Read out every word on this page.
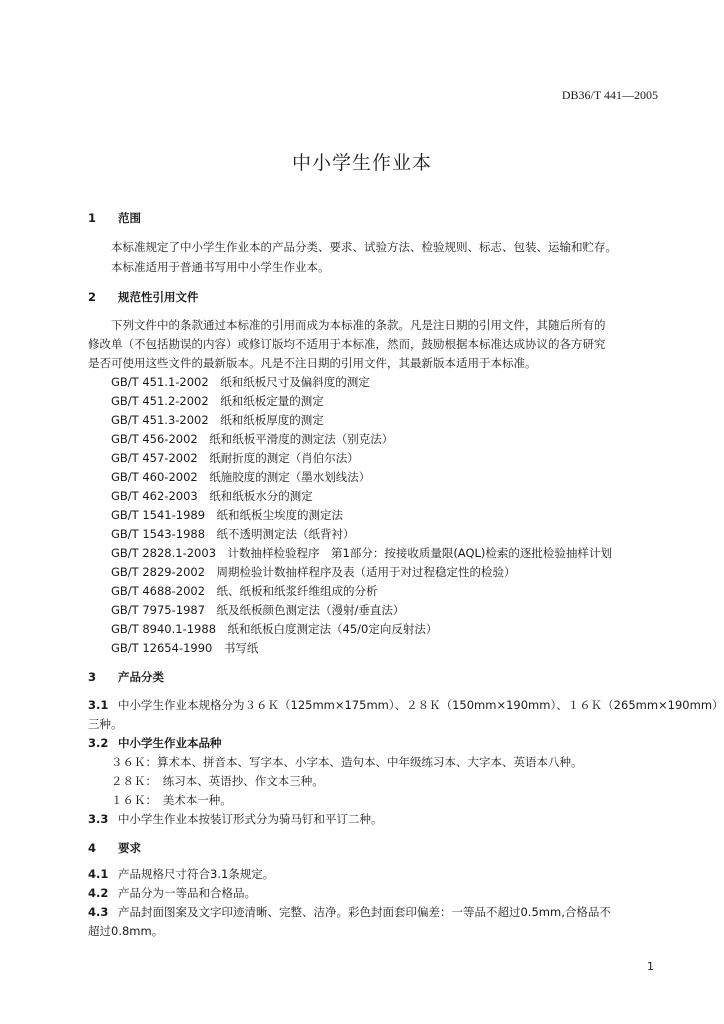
DB36/T 441—2005
中小学生作业本
1 范围
本标准规定了中小学生作业本的产品分类、要求、试验方法、检验规则、标志、包装、运输和贮存。
本标准适用于普通书写用中小学生作业本。
2 规范性引用文件
下列文件中的条款通过本标准的引用而成为本标准的条款。凡是注日期的引用文件，其随后所有的
修改单（不包括勘误的内容）或修订版均不适用于本标准，然而，鼓励根据本标准达成协议的各方研究
是否可使用这些文件的最新版本。凡是不注日期的引用文件，其最新版本适用于本标准。
GB/T 451.1-2002　纸和纸板尺寸及偏斜度的测定
GB/T 451.2-2002　纸和纸板定量的测定
GB/T 451.3-2002　纸和纸板厚度的测定
GB/T 456-2002　纸和纸板平滑度的测定法（别克法）
GB/T 457-2002　纸耐折度的测定（肖伯尔法）
GB/T 460-2002　纸施胶度的测定（墨水划线法）
GB/T 462-2003　纸和纸板水分的测定
GB/T 1541-1989　纸和纸板尘埃度的测定法
GB/T 1543-1988　纸不透明测定法（纸背衬）
GB/T 2828.1-2003　计数抽样检验程序　第1部分：按接收质量限(AQL)检索的逐批检验抽样计划
GB/T 2829-2002　周期检验计数抽样程序及表（适用于对过程稳定性的检验）
GB/T 4688-2002　纸、纸板和纸浆纤维组成的分析
GB/T 7975-1987　纸及纸板颜色测定法（漫射/垂直法）
GB/T 8940.1-1988　纸和纸板白度测定法（45/0定向反射法）
GB/T 12654-1990　书写纸
3 产品分类
3.1 中小学生作业本规格分为３６Ｋ（125mm×175mm）、２８Ｋ（150mm×190mm）、１６Ｋ（265mm×190mm）
三种。
3.2 中小学生作业本品种
３６Ｋ：算术本、拼音本、写字本、小字本、造句本、中年级练习本、大字本、英语本八种。
２８Ｋ：　练习本、英语抄、作文本三种。
１６Ｋ：　美术本一种。
3.3 中小学生作业本按装订形式分为骑马钉和平订二种。
4 要求
4.1 产品规格尺寸符合3.1条规定。
4.2 产品分为一等品和合格品。
4.3 产品封面图案及文字印迹清晰、完整、洁净。彩色封面套印偏差：一等品不超过0.5mm,合格品不
超过0.8mm。
1
